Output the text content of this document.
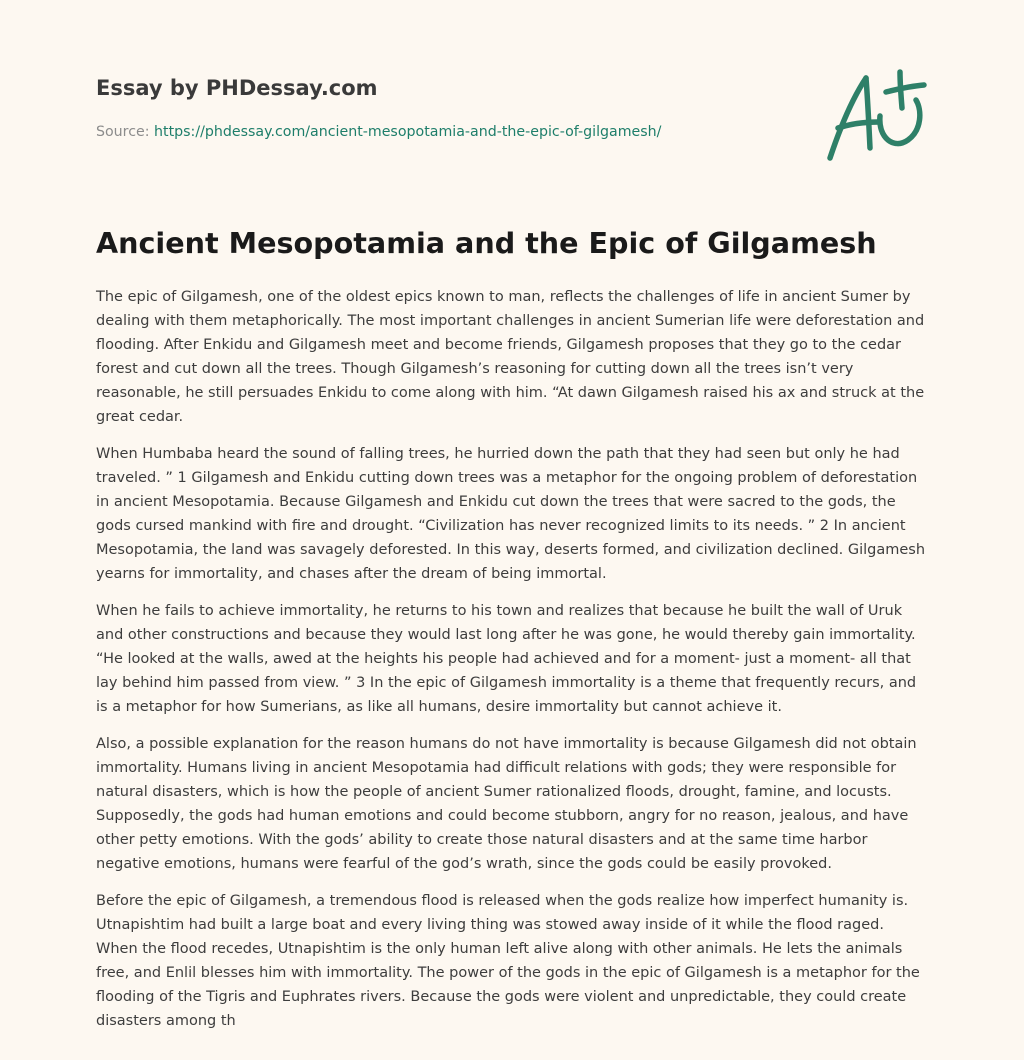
Essay by PHDessay.com
Source: https://phdessay.com/ancient-mesopotamia-and-the-epic-of-gilgamesh/
Ancient Mesopotamia and the Epic of Gilgamesh

The epic of Gilgamesh, one of the oldest epics known to man, reflects the challenges of life in ancient Sumer by dealing with them metaphorically. The most important challenges in ancient Sumerian life were deforestation and flooding. After Enkidu and Gilgamesh meet and become friends, Gilgamesh proposes that they go to the cedar forest and cut down all the trees. Though Gilgamesh’s reasoning for cutting down all the trees isn’t very reasonable, he still persuades Enkidu to come along with him. “At dawn Gilgamesh raised his ax and struck at the great cedar.

When Humbaba heard the sound of falling trees, he hurried down the path that they had seen but only he had traveled. ” 1 Gilgamesh and Enkidu cutting down trees was a metaphor for the ongoing problem of deforestation in ancient Mesopotamia. Because Gilgamesh and Enkidu cut down the trees that were sacred to the gods, the gods cursed mankind with fire and drought. “Civilization has never recognized limits to its needs. ” 2 In ancient Mesopotamia, the land was savagely deforested. In this way, deserts formed, and civilization declined. Gilgamesh yearns for immortality, and chases after the dream of being immortal.

When he fails to achieve immortality, he returns to his town and realizes that because he built the wall of Uruk and other constructions and because they would last long after he was gone, he would thereby gain immortality. “He looked at the walls, awed at the heights his people had achieved and for a moment- just a moment- all that lay behind him passed from view. ” 3 In the epic of Gilgamesh immortality is a theme that frequently recurs, and is a metaphor for how Sumerians, as like all humans, desire immortality but cannot achieve it.

Also, a possible explanation for the reason humans do not have immortality is because Gilgamesh did not obtain immortality. Humans living in ancient Mesopotamia had difficult relations with gods; they were responsible for natural disasters, which is how the people of ancient Sumer rationalized floods, drought, famine, and locusts. Supposedly, the gods had human emotions and could become stubborn, angry for no reason, jealous, and have other petty emotions. With the gods’ ability to create those natural disasters and at the same time harbor negative emotions, humans were fearful of the god’s wrath, since the gods could be easily provoked.

Before the epic of Gilgamesh, a tremendous flood is released when the gods realize how imperfect humanity is. Utnapishtim had built a large boat and every living thing was stowed away inside of it while the flood raged. When the flood recedes, Utnapishtim is the only human left alive along with other animals. He lets the animals free, and Enlil blesses him with immortality. The power of the gods in the epic of Gilgamesh is a metaphor for the flooding of the Tigris and Euphrates rivers. Because the gods were violent and unpredictable, they could create disasters among th
